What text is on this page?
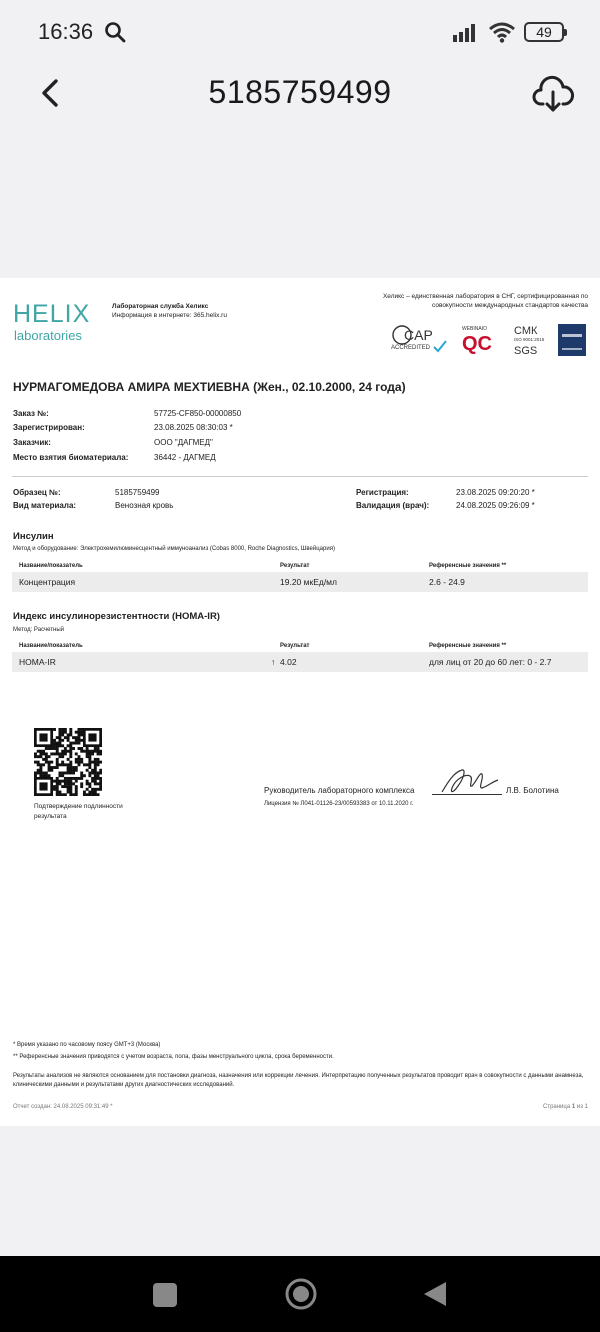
16:36	49
5185759499
HELIX
laboratories
Лабораторная служба Хеликс
Информация в интернете: 365.helix.ru
Хеликс – единственная лаборатория в СНГ, сертифицированная по совокупности международных стандартов качества
CAP
ACCREDITED
WEBINAIO
QC
СМК
ISO 9001:2015
SGS
НУРМАГОМЕДОВА АМИРА МЕХТИЕВНА (Жен., 02.10.2000, 24 года)
Заказ №:	57725-CF850-00000850
Зарегистрирован:	23.08.2025 08:30:03 *
Заказчик:	ООО "ДАГМЕД"
Место взятия биоматериала:	36442 - ДАГМЕД
Образец №:	5185759499	Регистрация:	23.08.2025 09:20:20 *
Вид материала:	Венозная кровь	Валидация (врач):	24.08.2025 09:26:09 *
Инсулин
Метод и оборудование: Электрохемилюминесцентный иммуноанализ (Cobas 8000, Roche Diagnostics, Швейцария)
Название/показатель	Результат	Референсные значения **
Концентрация	19.20 мкЕд/мл	2.6 - 24.9
Индекс инсулинорезистентности (HOMA-IR)
Метод: Расчетный
Название/показатель	Результат	Референсные значения **
HOMA-IR	↑ 4.02	для лиц от 20 до 60 лет: 0 - 2.7
Подтверждение подлинности результата
Руководитель лабораторного комплекса	Л.В. Болотина
Лицензия № Л041-01126-23/00593383 от 10.11.2020 г.
* Время указано по часовому поясу GMT+3 (Москва)
** Референсные значения приводятся с учетом возраста, пола, фазы менструального цикла, срока беременности.
Результаты анализов не являются основанием для постановки диагноза, назначения или коррекции лечения. Интерпретацию полученных результатов проводит врач в совокупности с данными анамнеза, клиническими данными и результатами других диагностических исследований.
Отчет создан: 24.08.2025 09:31:49 *	Страница 1 из 1
